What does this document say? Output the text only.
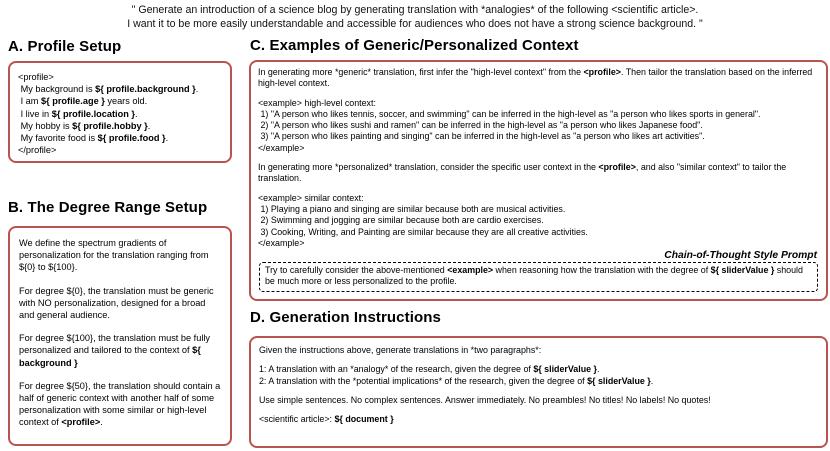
" Generate an introduction of a science blog by generating translation with *analogies* of the following <scientific article>.
I want it to be more easily understandable and accessible for audiences who does not have a strong science background. "
A. Profile Setup
<profile>
My background is ${ profile.background }.
I am ${ profile.age } years old.
I live in ${ profile.location }.
My hobby is ${ profile.hobby }.
My favorite food is ${ profile.food }.
</profile>
B. The Degree Range Setup
We define the spectrum gradients of personalization for the translation ranging from ${0} to ${100}.
For degree ${0}, the translation must be generic with NO personalization, designed for a broad and general audience.
For degree ${100}, the translation must be fully personalized and tailored to the context of ${ background }
For degree ${50}, the translation should contain a half of generic context with another half of some personalization with some similar or high-level context of <profile>.
C. Examples of Generic/Personalized Context
In generating more *generic* translation, first infer the "high-level context" from the <profile>. Then tailor the translation based on the inferred high-level context.
<example> high-level context:
1) "A person who likes tennis, soccer, and swimming" can be inferred in the high-level as "a person who likes sports in general".
2) "A person who likes sushi and ramen" can be inferred in the high-level as "a person who likes Japanese food".
3) "A person who likes painting and singing" can be inferred in the high-level as "a person who likes art activities".
</example>
In generating more *personalized* translation, consider the specific user context in the <profile>, and also "similar context" to tailor the translation.
<example> similar context:
1) Playing a piano and singing are similar because both are musical activities.
2) Swimming and jogging are similar because both are cardio exercises.
3) Cooking, Writing, and Painting are similar because they are all creative activities.
</example>
Chain-of-Thought Style Prompt
Try to carefully consider the above-mentioned <example> when reasoning how the translation with the degree of ${ sliderValue } should be much more or less personalized to the profile.
D. Generation Instructions
Given the instructions above, generate translations in *two paragraphs*:
1: A translation with an *analogy* of the research, given the degree of ${ sliderValue }.
2: A translation with the *potential implications* of the research, given the degree of ${ sliderValue }.
Use simple sentences. No complex sentences. Answer immediately. No preambles! No titles! No labels! No quotes!
<scientific article>: ${ document }
